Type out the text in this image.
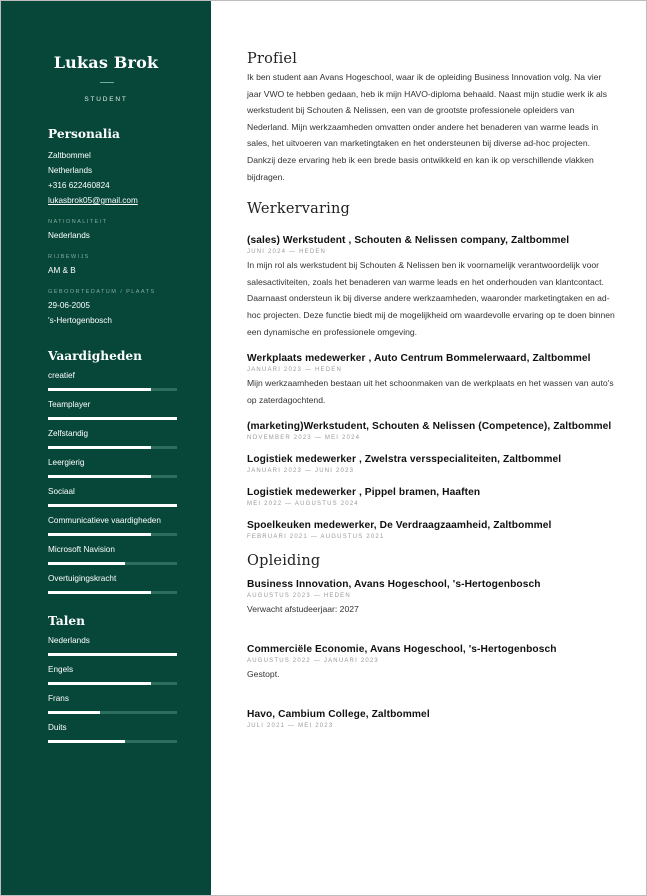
Lukas Brok
STUDENT
Personalia
Zaltbommel
Netherlands
+316 622460824
lukasbrok05@gmail.com
NATIONALITEIT
Nederlands
RIJBEWIJS
AM & B
GEBOORTEDATUM / PLAATS
29-06-2005
's-Hertogenbosch
Vaardigheden
creatief
Teamplayer
Zelfstandig
Leergierig
Sociaal
Communicatieve vaardigheden
Microsoft Navision
Overtuigingskracht
Talen
Nederlands
Engels
Frans
Duits
Profiel
Ik ben student aan Avans Hogeschool, waar ik de opleiding Business Innovation volg. Na vier jaar VWO te hebben gedaan, heb ik mijn HAVO-diploma behaald. Naast mijn studie werk ik als werkstudent bij Schouten & Nelissen, een van de grootste professionele opleiders van Nederland. Mijn werkzaamheden omvatten onder andere het benaderen van warme leads in sales, het uitvoeren van marketingtaken en het ondersteunen bij diverse ad-hoc projecten. Dankzij deze ervaring heb ik een brede basis ontwikkeld en kan ik op verschillende vlakken bijdragen.
Werkervaring
(sales) Werkstudent , Schouten & Nelissen company, Zaltbommel
JUNI 2024 — HEDEN
In mijn rol als werkstudent bij Schouten & Nelissen ben ik voornamelijk verantwoordelijk voor salesactiviteiten, zoals het benaderen van warme leads en het onderhouden van klantcontact. Daarnaast ondersteun ik bij diverse andere werkzaamheden, waaronder marketingtaken en ad-hoc projecten. Deze functie biedt mij de mogelijkheid om waardevolle ervaring op te doen binnen een dynamische en professionele omgeving.
Werkplaats medewerker , Auto Centrum Bommelerwaard, Zaltbommel
JANUARI 2023 — HEDEN
Mijn werkzaamheden bestaan uit het schoonmaken van de werkplaats en het wassen van auto's op zaterdagochtend.
(marketing)Werkstudent, Schouten & Nelissen (Competence), Zaltbommel
NOVEMBER 2023 — MEI 2024
Logistiek medewerker , Zwelstra versspecialiteiten, Zaltbommel
JANUARI 2023 — JUNI 2023
Logistiek medewerker , Pippel bramen, Haaften
MEI 2022 — AUGUSTUS 2024
Spoelkeuken medewerker, De Verdraagzaamheid, Zaltbommel
FEBRUARI 2021 — AUGUSTUS 2021
Opleiding
Business Innovation, Avans Hogeschool, 's-Hertogenbosch
AUGUSTUS 2023 — HEDEN
Verwacht afstudeerjaar: 2027
Commerciële Economie, Avans Hogeschool, 's-Hertogenbosch
AUGUSTUS 2022 — JANUARI 2023
Gestopt.
Havo, Cambium College, Zaltbommel
JULI 2021 — MEI 2023
